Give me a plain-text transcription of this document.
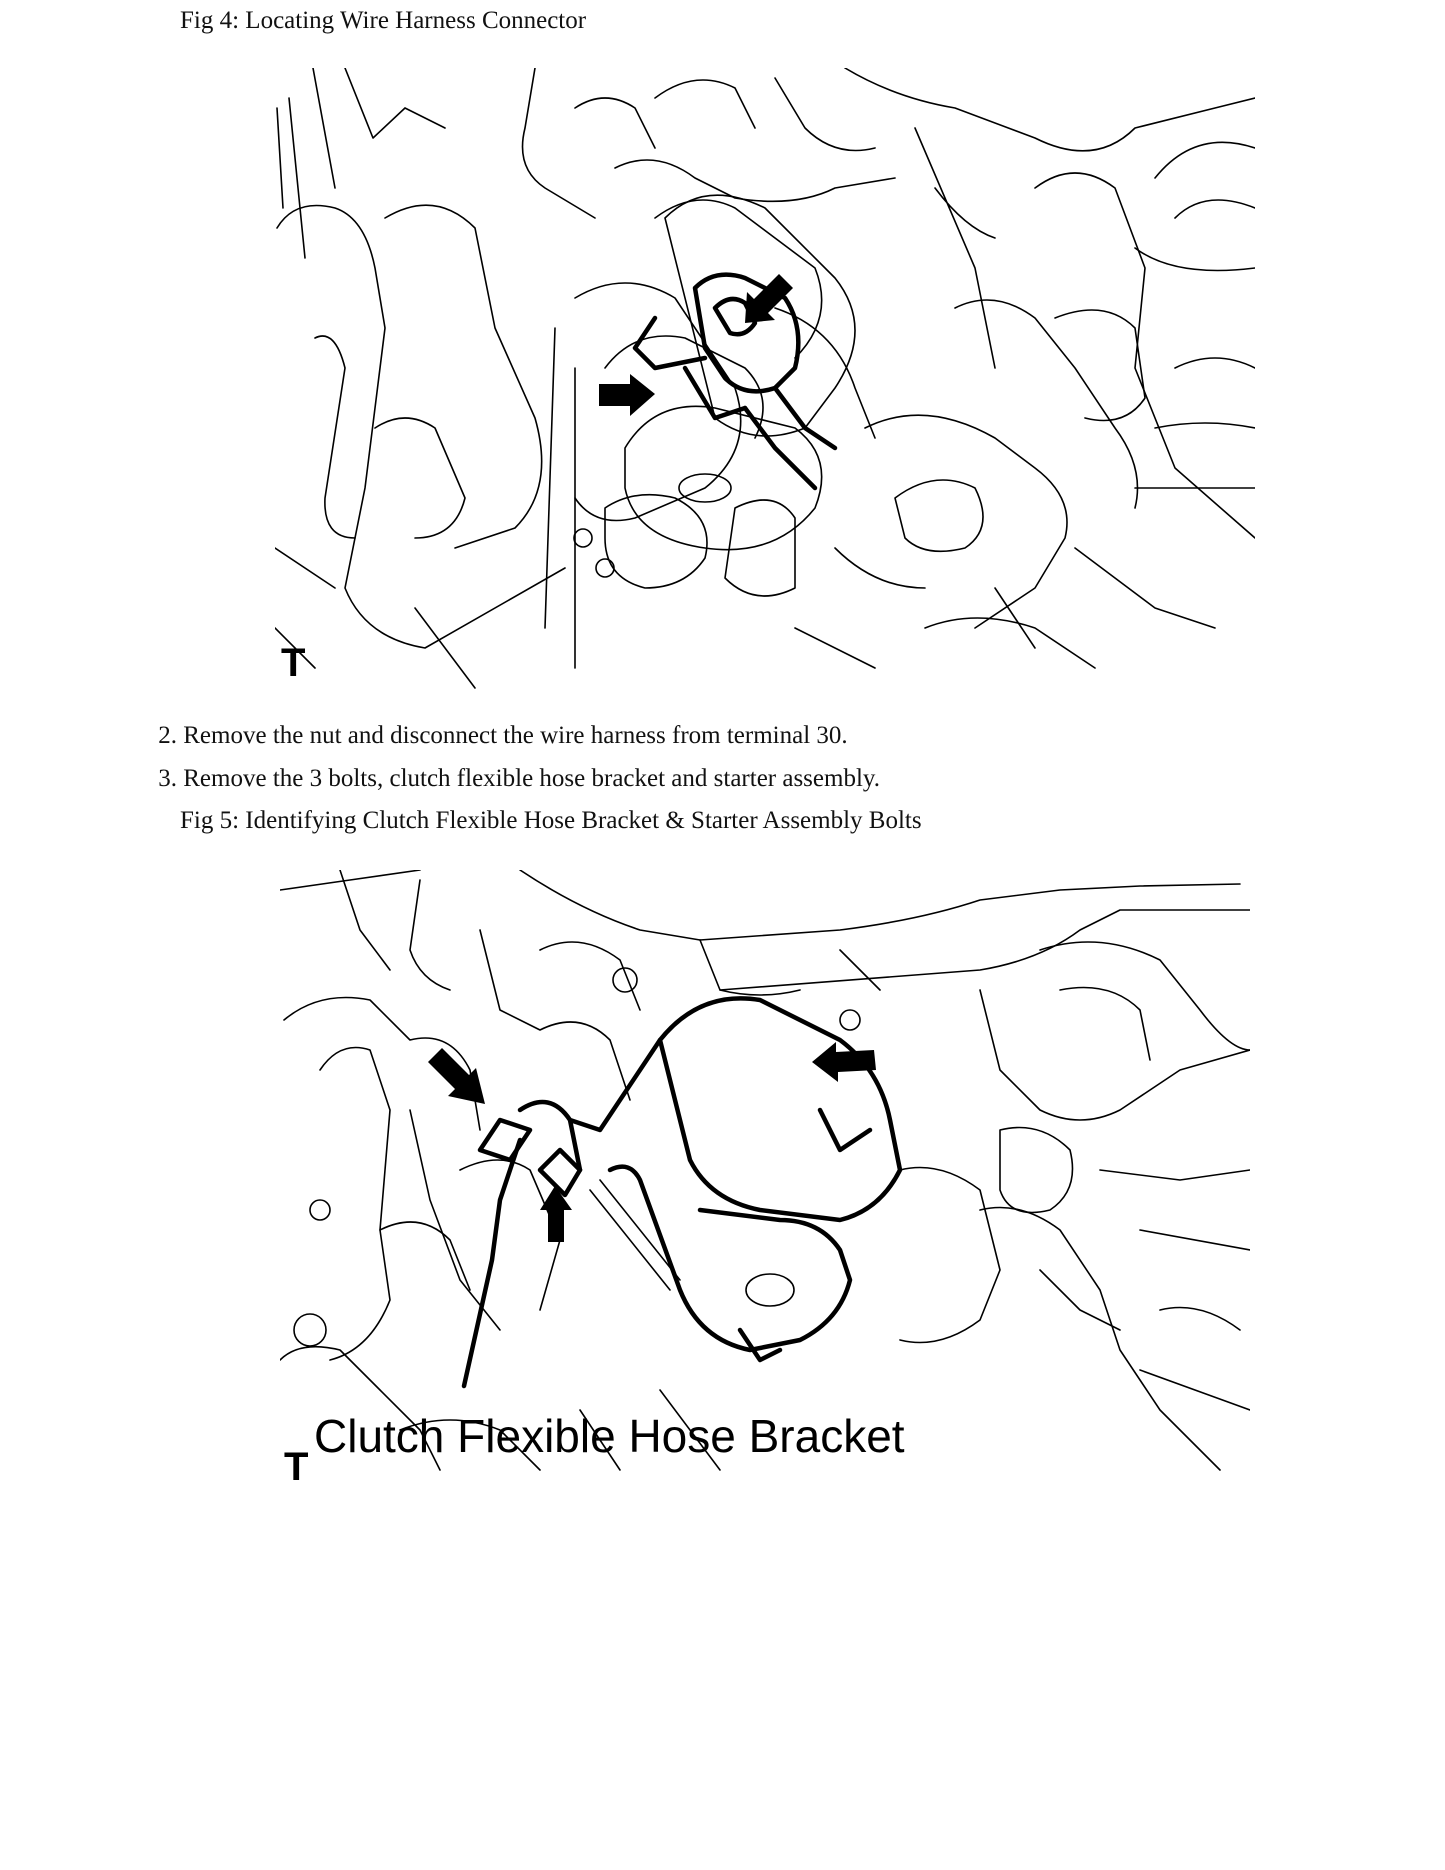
Fig 4: Locating Wire Harness Connector
T
2. Remove the nut and disconnect the wire harness from terminal 30.
3. Remove the 3 bolts, clutch flexible hose bracket and starter assembly.
Fig 5: Identifying Clutch Flexible Hose Bracket & Starter Assembly Bolts
Clutch Flexible Hose Bracket
T
